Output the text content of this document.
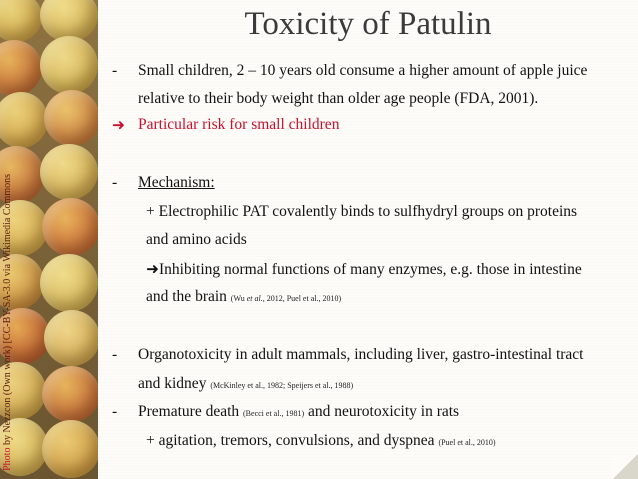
Photo by Nezzcon (Own work) [CC-BY-SA-3.0 via Wikimedia Commons
Toxicity of Patulin
-	Small children, 2 – 10 years old consume a higher amount of apple juice
relative to their body weight than older age people (FDA, 2001).
➜ Particular risk for small children
-	Mechanism:
+ Electrophilic PAT covalently binds to sulfhydryl groups on proteins
and amino acids
➜Inhibiting normal functions of many enzymes, e.g. those in intestine
and the brain (Wu et al., 2012, Puel et al., 2010)
-	Organotoxicity in adult mammals, including liver, gastro-intestinal tract
and kidney (McKinley et al., 1982; Speijers et al., 1988)
-	Premature death (Becci et al., 1981) and neurotoxicity in rats
+ agitation, tremors, convulsions, and dyspnea (Puel et al., 2010)
